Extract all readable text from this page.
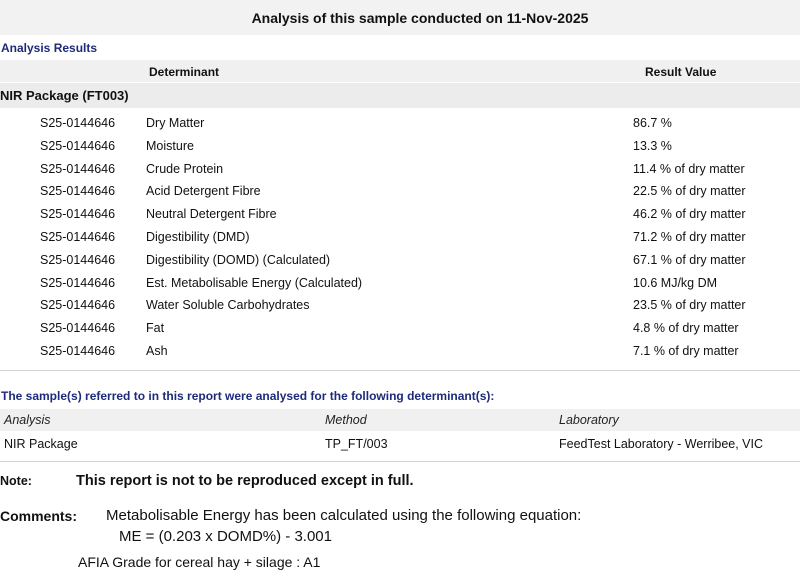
Analysis of this sample conducted on 11-Nov-2025
Analysis Results
Determinant	Result Value
NIR Package (FT003)
S25-0144646 Dry Matter	86.7 %
S25-0144646 Moisture	13.3 %
S25-0144646 Crude Protein	11.4 % of dry matter
S25-0144646 Acid Detergent Fibre	22.5 % of dry matter
S25-0144646 Neutral Detergent Fibre	46.2 % of dry matter
S25-0144646 Digestibility (DMD)	71.2 % of dry matter
S25-0144646 Digestibility (DOMD) (Calculated)	67.1 % of dry matter
S25-0144646 Est. Metabolisable Energy (Calculated)	10.6 MJ/kg DM
S25-0144646 Water Soluble Carbohydrates	23.5 % of dry matter
S25-0144646 Fat	4.8 % of dry matter
S25-0144646 Ash	7.1 % of dry matter
The sample(s) referred to in this report were analysed for the following determinant(s):
Analysis	Method	Laboratory
NIR Package	TP_FT/003	FeedTest Laboratory - Werribee, VIC
Note:	This report is not to be reproduced except in full.
Comments: Metabolisable Energy has been calculated using the following equation:
ME = (0.203 x DOMD%) - 3.001
AFIA Grade for cereal hay + silage : A1
